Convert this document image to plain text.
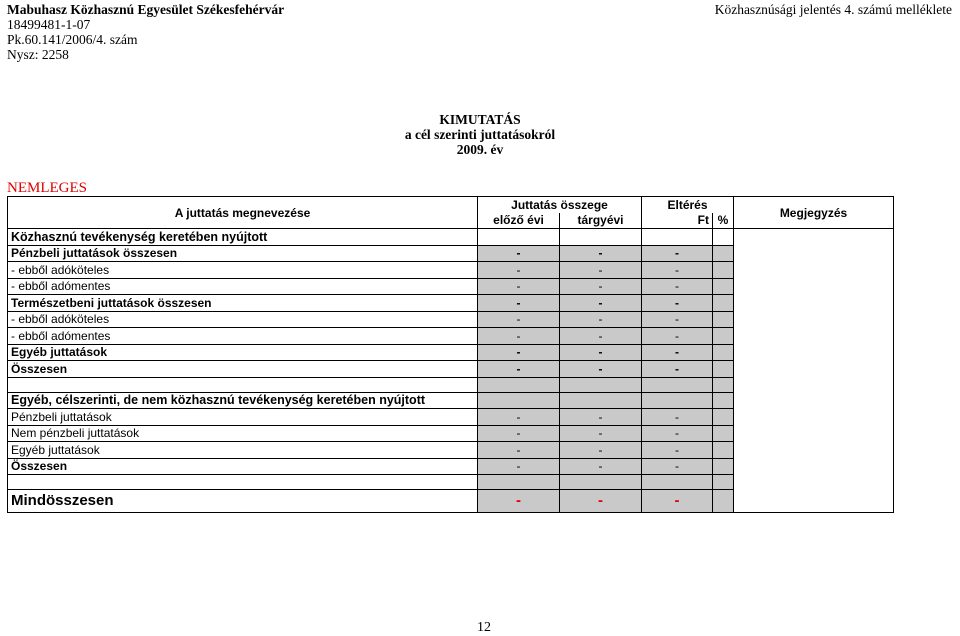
Mabuhasz Közhasznú Egyesület Székesfehérvár
18499481-1-07
Pk.60.141/2006/4. szám
Nysz: 2258
Közhasznúsági jelentés 4. számú melléklete
KIMUTATÁS
a cél szerinti juttatásokról
2009. év
NEMLEGES
A juttatás megnevezése	Juttatás összege		Eltérés		Megjegyzés
	előző évi	tárgyévi	Ft	%	
Közhasznú tevékenység keretében nyújtott					
Pénzbeli juttatások összesen	-	-	-		
- ebből adóköteles	-	-	-		
- ebből adómentes	-	-	-		
Természetbeni juttatások összesen	-	-	-		
- ebből adóköteles	-	-	-		
- ebből adómentes	-	-	-		
Egyéb juttatások	-	-	-		
Összesen	-	-	-		

Egyéb, célszerinti, de nem közhasznú tevékenység keretében nyújtott					
Pénzbeli juttatások	-	-	-		
Nem pénzbeli juttatások	-	-	-		
Egyéb juttatások	-	-	-		
Összesen	-	-	-		

Mindösszesen	-	-	-		
12
